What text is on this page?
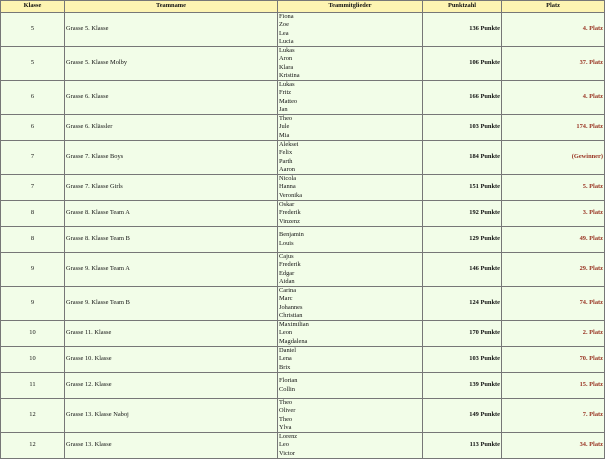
Klasse	Teamname	Teammitglieder	Punktzahl	Platz
5	Grasse 5. Klasse	Fiona
Zoe
Lea
Lucia	136 Punkte	4. Platz
5	Grasse 5. Klasse Molby	Lukas
Aron
Klara
Kristina	106 Punkte	37. Platz
6	Grasse 6. Klasse	Lukas
Fritz
Matteo
Jan	166 Punkte	4. Platz
6	Grasse 6. Klässler	Theo
Jule
Mia	103 Punkte	174. Platz
7	Grasse 7. Klasse Boys	Aleksei
Felix
Parth
Aaron	184 Punkte	(Gewinner)
7	Grasse 7. Klasse Girls	Nicola
Hanna
Veronika	151 Punkte	5. Platz
8	Grasse 8. Klasse Team A	Oskar
Frederik
Vinzenz	192 Punkte	3. Platz
8	Grasse 8. Klasse Team B	Benjamin
Louis	129 Punkte	49. Platz
9	Grasse 9. Klasse Team A	Cajus
Frederik
Edgar
Aidan	146 Punkte	29. Platz
9	Grasse 9. Klasse Team B	Carina
Marc
Johannes
Christian	124 Punkte	74. Platz
10	Grasse 11. Klasse	Maximilian
Leon
Magdalena	170 Punkte	2. Platz
10	Grasse 10. Klasse	Daniel
Lena
Brix	103 Punkte	70. Platz
11	Grasse 12. Klasse	Florian
Collin	139 Punkte	15. Platz
12	Grasse 13. Klasse Naboj	Theo
Oliver
Theo
Ylva	149 Punkte	7. Platz
12	Grasse 13. Klasse	Lorenz
Leo
Victor	113 Punkte	34. Platz
